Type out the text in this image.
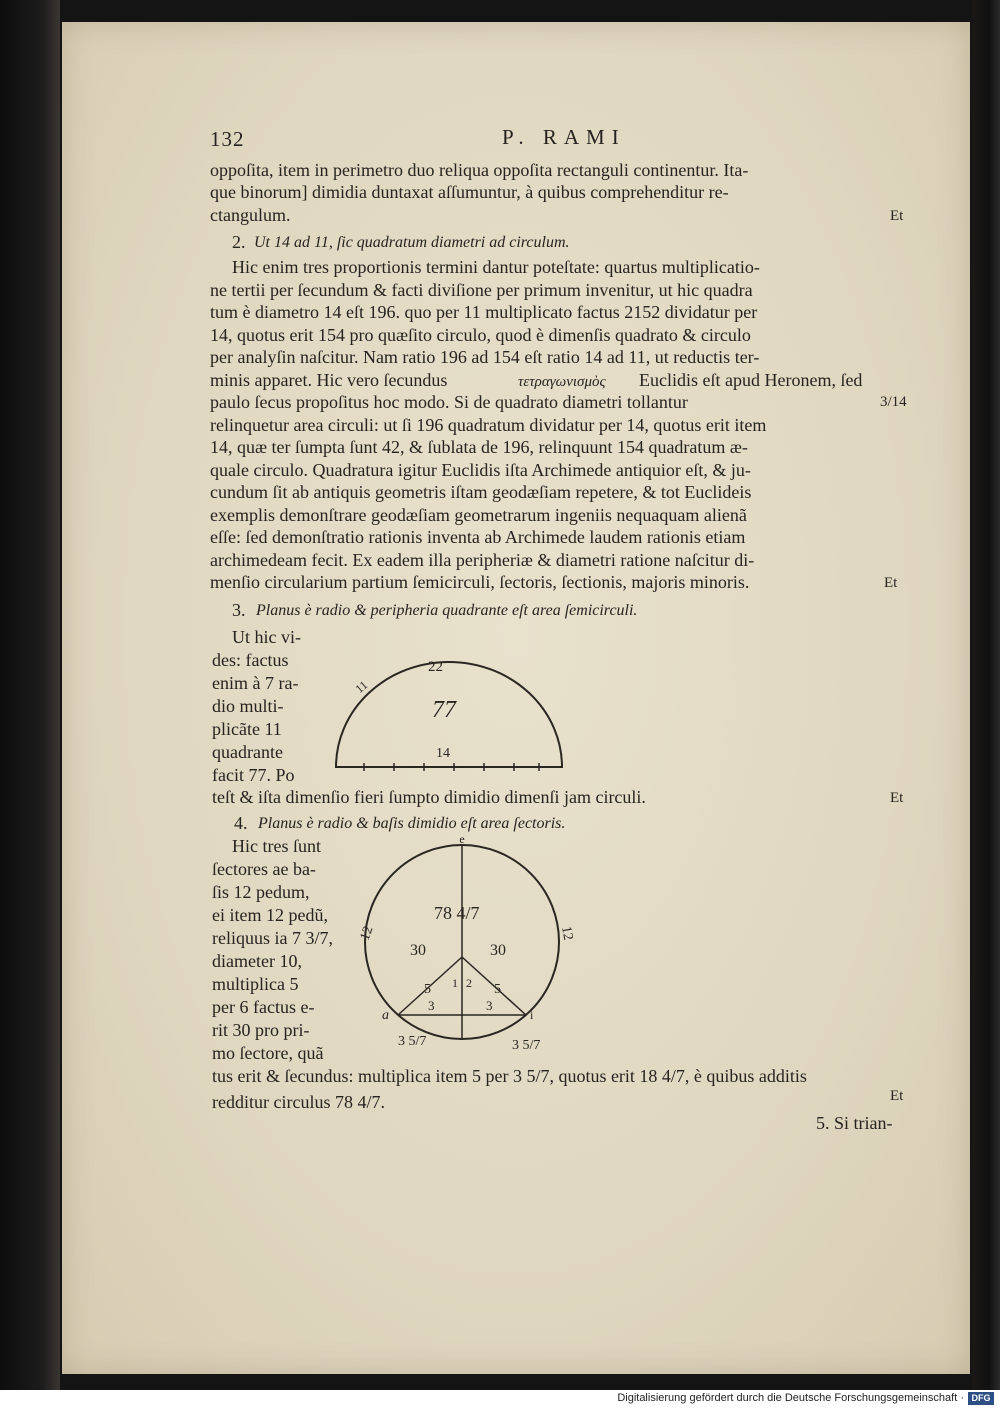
132	P. RAMI
oppoſita, item in perimetro duo reliqua oppoſita rectanguli continentur. Ita-
que binorum] dimidia duntaxat aſſumuntur, à quibus comprehenditur re-
ctangulum.	Et
2. Ut 14 ad 11, ſic quadratum diametri ad circulum.
Hic enim tres proportionis termini dantur poteſtate: quartus multiplicatio-
ne tertii per ſecundum & facti diviſione per primum invenitur, ut hic quadra
tum è diametro 14 eſt 196. quo per 11 multiplicato factus 2152 dividatur per
14, quotus erit 154 pro quæſito circulo, quod è dimenſis quadrato & circulo
per analyſin naſcitur. Nam ratio 196 ad 154 eſt ratio 14 ad 11, ut reductis ter-
minis apparet. Hic vero ſecundus	τετραγωνισμὸς Euclidis eſt apud Heronem, ſed
paulo ſecus propoſitus hoc modo. Si de quadrato diametri tollantur	3/14
relinquetur area circuli: ut ſi 196 quadratum dividatur per 14, quotus erit item
14, quæ ter ſumpta ſunt 42, & ſublata de 196, relinquunt 154 quadratum æ-
quale circulo. Quadratura igitur Euclidis iſta Archimede antiquior eſt, & ju-
cundum ſit ab antiquis geometris iſtam geodæſiam repetere, & tot Euclideis
exemplis demonſtrare geodæſiam geometrarum ingeniis nequaquam alienã
eſſe: ſed demonſtratio rationis inventa ab Archimede laudem rationis etiam
archimedeam fecit. Ex eadem illa peripheriæ & diametri ratione naſcitur di-
menſio circularium partium ſemicirculi, ſectoris, ſectionis, majoris minoris.	Et
3. Planus è radio & peripheria quadrante eſt area ſemicirculi.
Ut hic vi-
des: factus
enim à 7 ra-
dio multi-
plicãte 11
quadrante
facit 77. Po
teſt & iſta dimenſio fieri ſumpto dimidio dimenſi jam circuli.	Et
22
11
77
14
4. Planus è radio & baſis dimidio eſt area ſectoris.
Hic tres ſunt
ſectores ae ba-
ſis 12 pedum,
ei item 12 pedũ,
reliquus ia 7 3/7,
diameter 10,
multiplica 5
per 6 factus e-
rit 30 pro pri-
mo ſectore, quã
e
a	i
12	12
78 4/7
30	30
5	5
1 2
3	3
3 5/7	3 5/7
tus erit & ſecundus: multiplica item 5 per 3 5/7, quotus erit 18 4/7, è quibus additis
redditur circulus 78 4/7.	Et
5. Si trian-
Digitalisierung gefördert durch die Deutsche Forschungsgemeinschaft · DFG
